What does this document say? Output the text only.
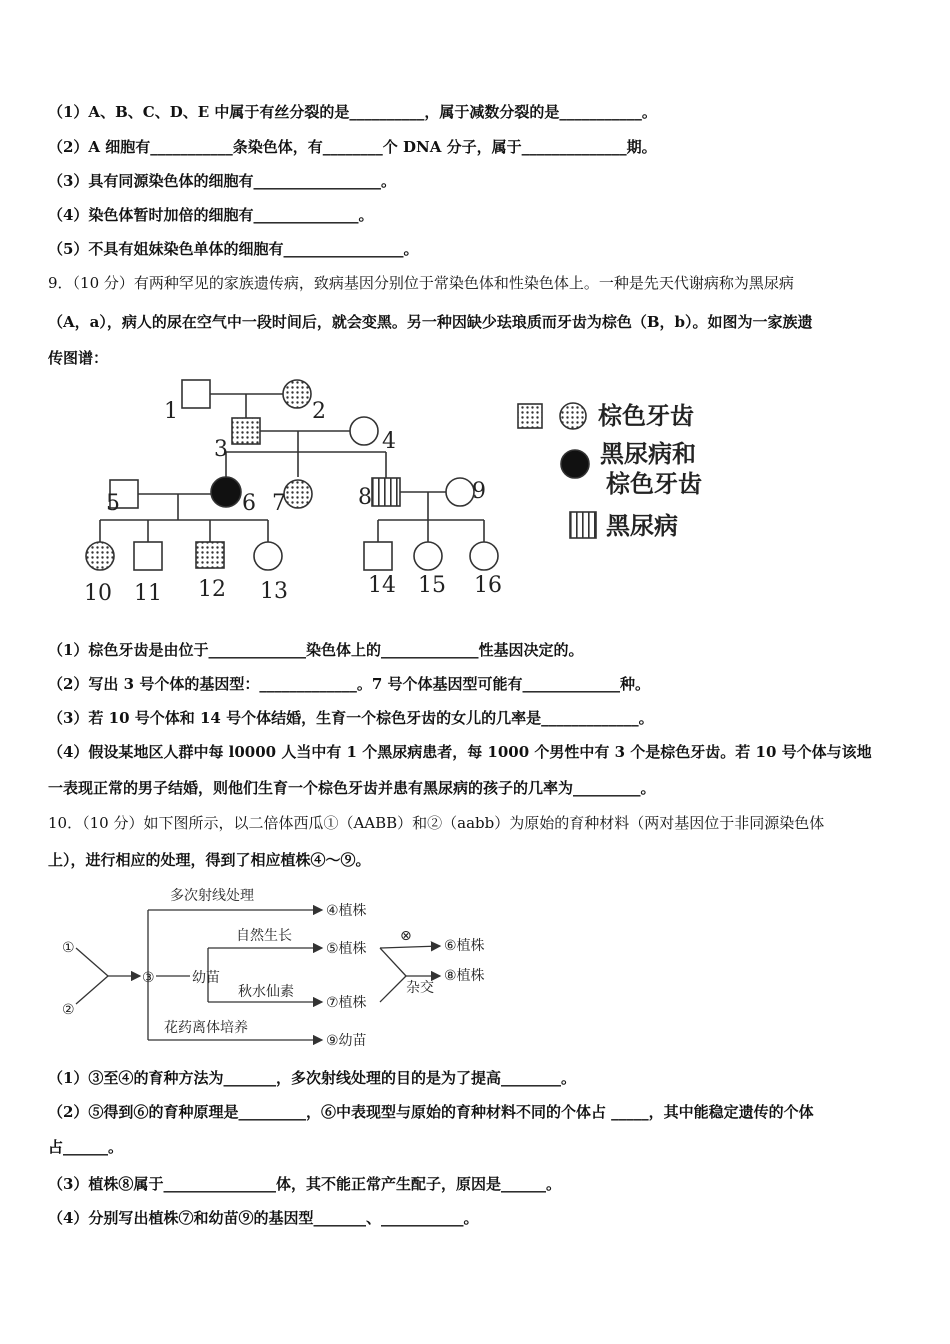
（1）A、B、C、D、E 中属于有丝分裂的是__________，属于减数分裂的是___________。
（2）A 细胞有___________条染色体，有________个 DNA 分子，属于______________期。
（3）具有同源染色体的细胞有_________________。
（4）染色体暂时加倍的细胞有______________。
（5）不具有姐妹染色单体的细胞有________________。
9．（10 分）有两种罕见的家族遗传病，致病基因分别位于常染色体和性染色体上。一种是先天代谢病称为黑尿病
（A，a），病人的尿在空气中一段时间后，就会变黑。另一种因缺少珐琅质而牙齿为棕色（B，b）。如图为一家族遗
传图谱：
1	2
3	4
5	6 7	8	9
10 11 12 13	14 15 16
棕色牙齿
黑尿病和
棕色牙齿
黑尿病
（1）棕色牙齿是由位于_____________染色体上的_____________性基因决定的。
（2）写出 3 号个体的基因型：_____________。7 号个体基因型可能有_____________种。
（3）若 10 号个体和 14 号个体结婚，生育一个棕色牙齿的女儿的几率是_____________。
（4）假设某地区人群中每 l0000 人当中有 1 个黑尿病患者，每 1000 个男性中有 3 个是棕色牙齿。若 10 号个体与该地
一表现正常的男子结婚，则他们生育一个棕色牙齿并患有黑尿病的孩子的几率为_________。
10．（10 分）如下图所示，以二倍体西瓜①（AABB）和②（aabb）为原始的育种材料（两对基因位于非同源染色体
上），进行相应的处理，得到了相应植株④～⑨。
①
②
③	幼苗
多次射线处理
④植株
自然生长
⑤植株
⊗
⑥植株
杂交
⑧植株
秋水仙素
⑦植株
花药离体培养
⑨幼苗
（1）③至④的育种方法为_______，多次射线处理的目的是为了提高________。
（2）⑤得到⑥的育种原理是_________，⑥中表现型与原始的育种材料不同的个体占 _____，其中能稳定遗传的个体
占______。
（3）植株⑧属于_______________体，其不能正常产生配子，原因是______。
（4）分别写出植株⑦和幼苗⑨的基因型_______、___________。
